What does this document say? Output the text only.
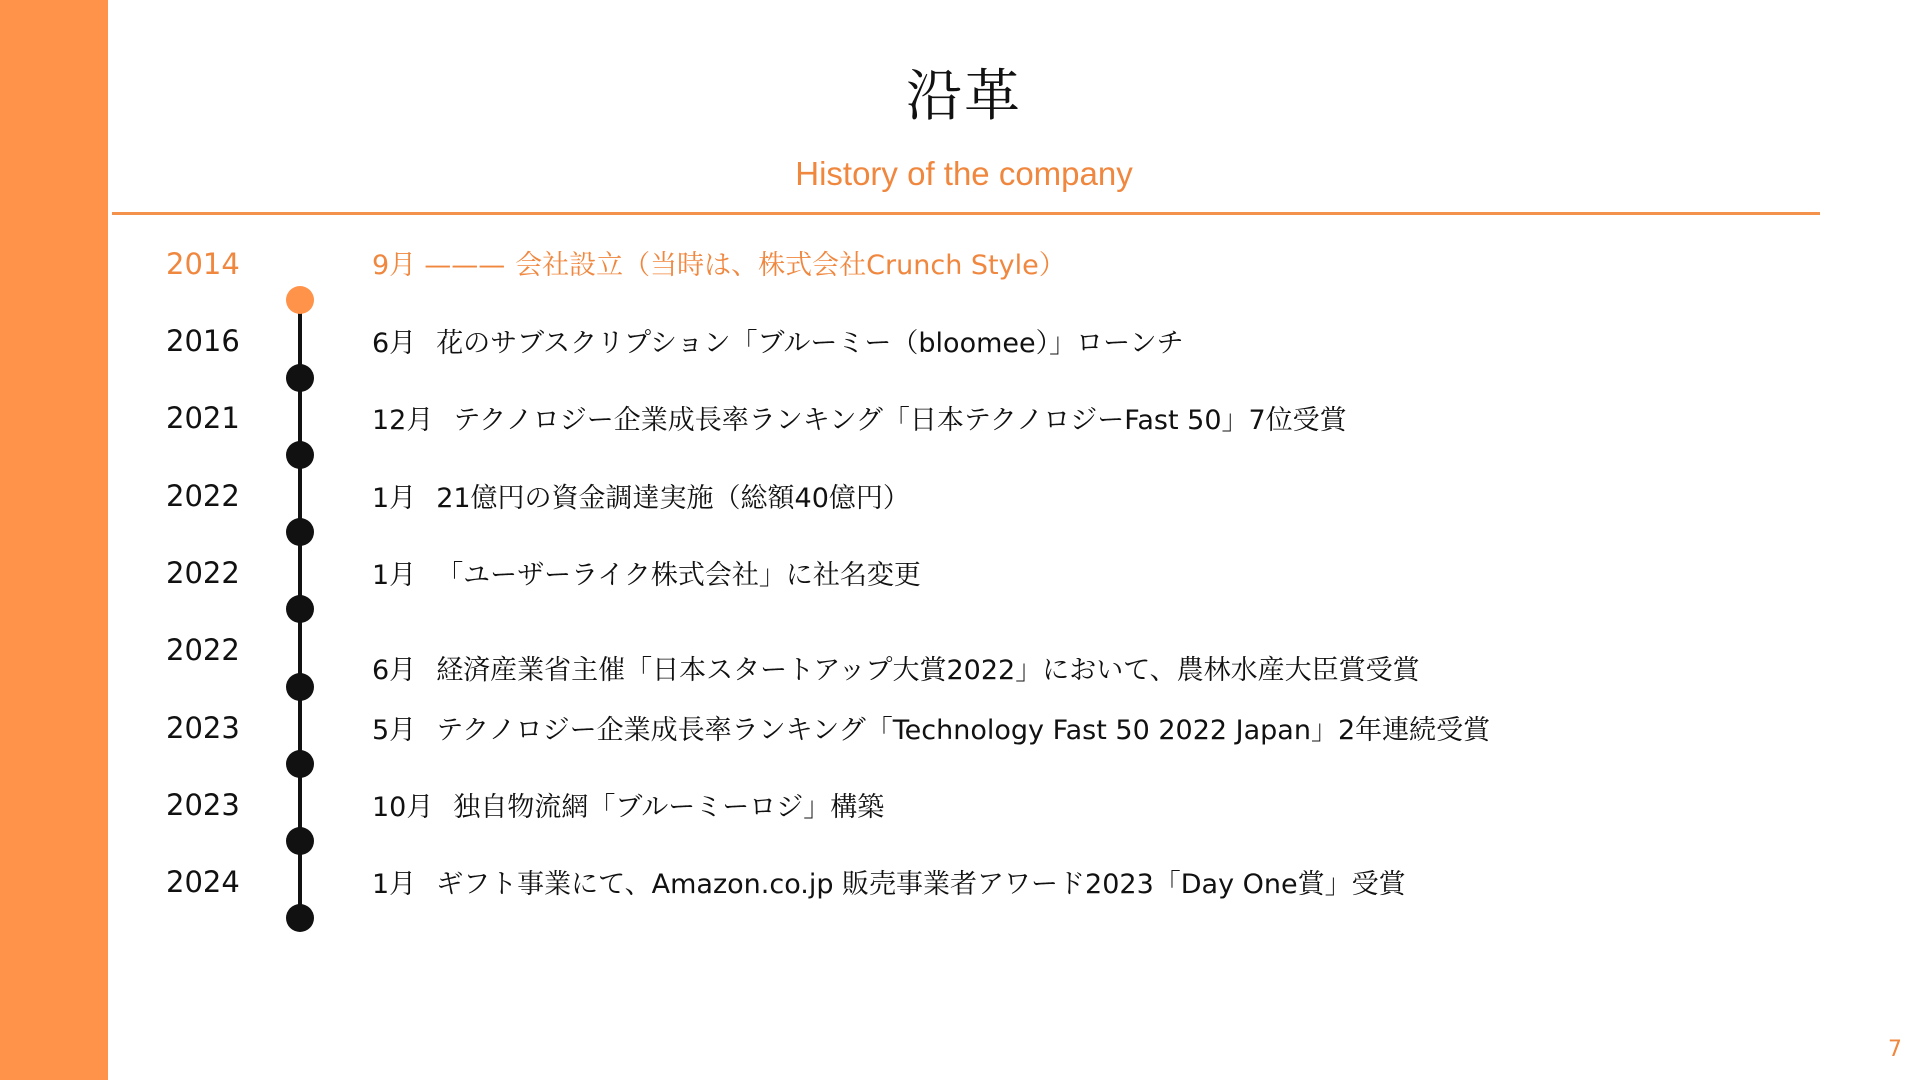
沿革
History of the company
2014
2016
2021
2022
2022
2022
2023
2023
2024
9月 ——— 会社設立（当時は、株式会社Crunch Style）
6月 花のサブスクリプション「ブルーミー（bloomee）」ローンチ
12月 テクノロジー企業成長率ランキング「日本テクノロジーFast 50」7位受賞
1月 21億円の資金調達実施（総額40億円）
1月 「ユーザーライク株式会社」に社名変更
6月 経済産業省主催「日本スタートアップ大賞2022」において、農林水産大臣賞受賞
5月 テクノロジー企業成長率ランキング「Technology Fast 50 2022 Japan」2年連続受賞
10月 独自物流網「ブルーミーロジ」構築
1月 ギフト事業にて、Amazon.co.jp 販売事業者アワード2023「Day One賞」受賞
7
